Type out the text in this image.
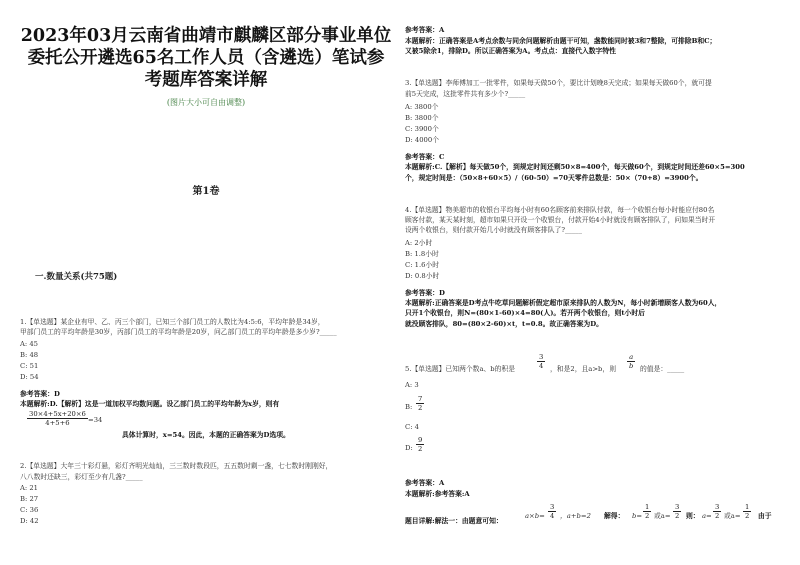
2023年03月云南省曲靖市麒麟区部分事业单位委托公开遴选65名工作人员（含遴选）笔试参考题库答案详解
(图片大小可自由调整)
第1卷
一.数量关系(共75题)
1.【单选题】某企业有甲、乙、丙三个部门，已知三个部门员工的人数比为4:5:6，平均年龄是34岁，
甲部门员工的平均年龄是30岁，丙部门员工的平均年龄是20岁，问乙部门员工的平均年龄是多少岁?_____
A: 45
B: 48
C: 51
D: 54
参考答案：D
本题解析:D.【解析】这是一道加权平均数问题。设乙部门员工的平均年龄为x岁，则有
$\frac{30\times 4+5x+20\times 6}{4+5+6} =34$
具体计算时，x=54。因此，本题的正确答案为D选项。
2.【单选题】大年三十彩灯悬，彩灯齐明光灿灿，三三数时数段匹，五五数时剩一盏，七七数时刚刚好，
八八数时还缺三，彩灯至少有几盏?_____
A: 21
B: 27
C: 36
D: 42
参考答案：A
本题解析：正确答案是A考点余数与同余问题解析由题干可知，盏数能同时被3和7整除，可排除B和C；
又被5除余1，排除D。所以正确答案为A。考点点：直接代入数字特性
3.【单选题】李师傅加工一批零件，如果每天做50个，要比计划晚8天完成；如果每天做60个，就可提
前5天完成，这批零件共有多少个?_____
A: 3800个
B: 3800个
C: 3900个
D: 4000个
参考答案：C
本题解析:C.【解析】每天做50个，到规定时间还剩50×8=400个，每天做60个，到规定时间还差60×5=300
个，规定时间是：（50×8+60×5）/（60-50）=70天零件总数是：50×（70+8）=3900个。
4.【单选题】物美超市的收银台平均每小时有60名顾客前来排队付款，每一个收银台每小时能应付80名
顾客付款，某天某时刻，超市如果只开设一个收银台，付款开始4小时就没有顾客排队了，问如果当时开
设两个收银台，则付款开始几小时就没有顾客排队了?_____
A: 2小时
B: 1.8小时
C: 1.6小时
D: 0.8小时
参考答案：D
本题解析:正确答案是D考点牛吃草问题解析假定超市原来排队的人数为N，每小时新增顾客人数为60人，
只开1个收银台，则N=(80×1-60)×4=80(人)。若开两个收银台，则t小时后
就没顾客排队，80=(80×2-60)×t，t=0.8。故正确答案为D。
5.【单选题】已知两个数a、b的积是	$\frac{3}{4}$ ，和是2，且a>b，则 $\frac{a}{b}$ 的值是：_____
A: 3
B: $\frac{7}{2}$
C: 4
D: $\frac{9}{2}$
参考答案：A
本题解析:参考答案:A
题目详解:解法一：由题意可知：
$a\times b= \frac{3}{4}$ ，a+b=2 解得： $b= \frac{1}{2}$ 或$a= \frac{3}{2}$ 则： $a= \frac{3}{2}$ 或$a= \frac{1}{2}$ 由于
